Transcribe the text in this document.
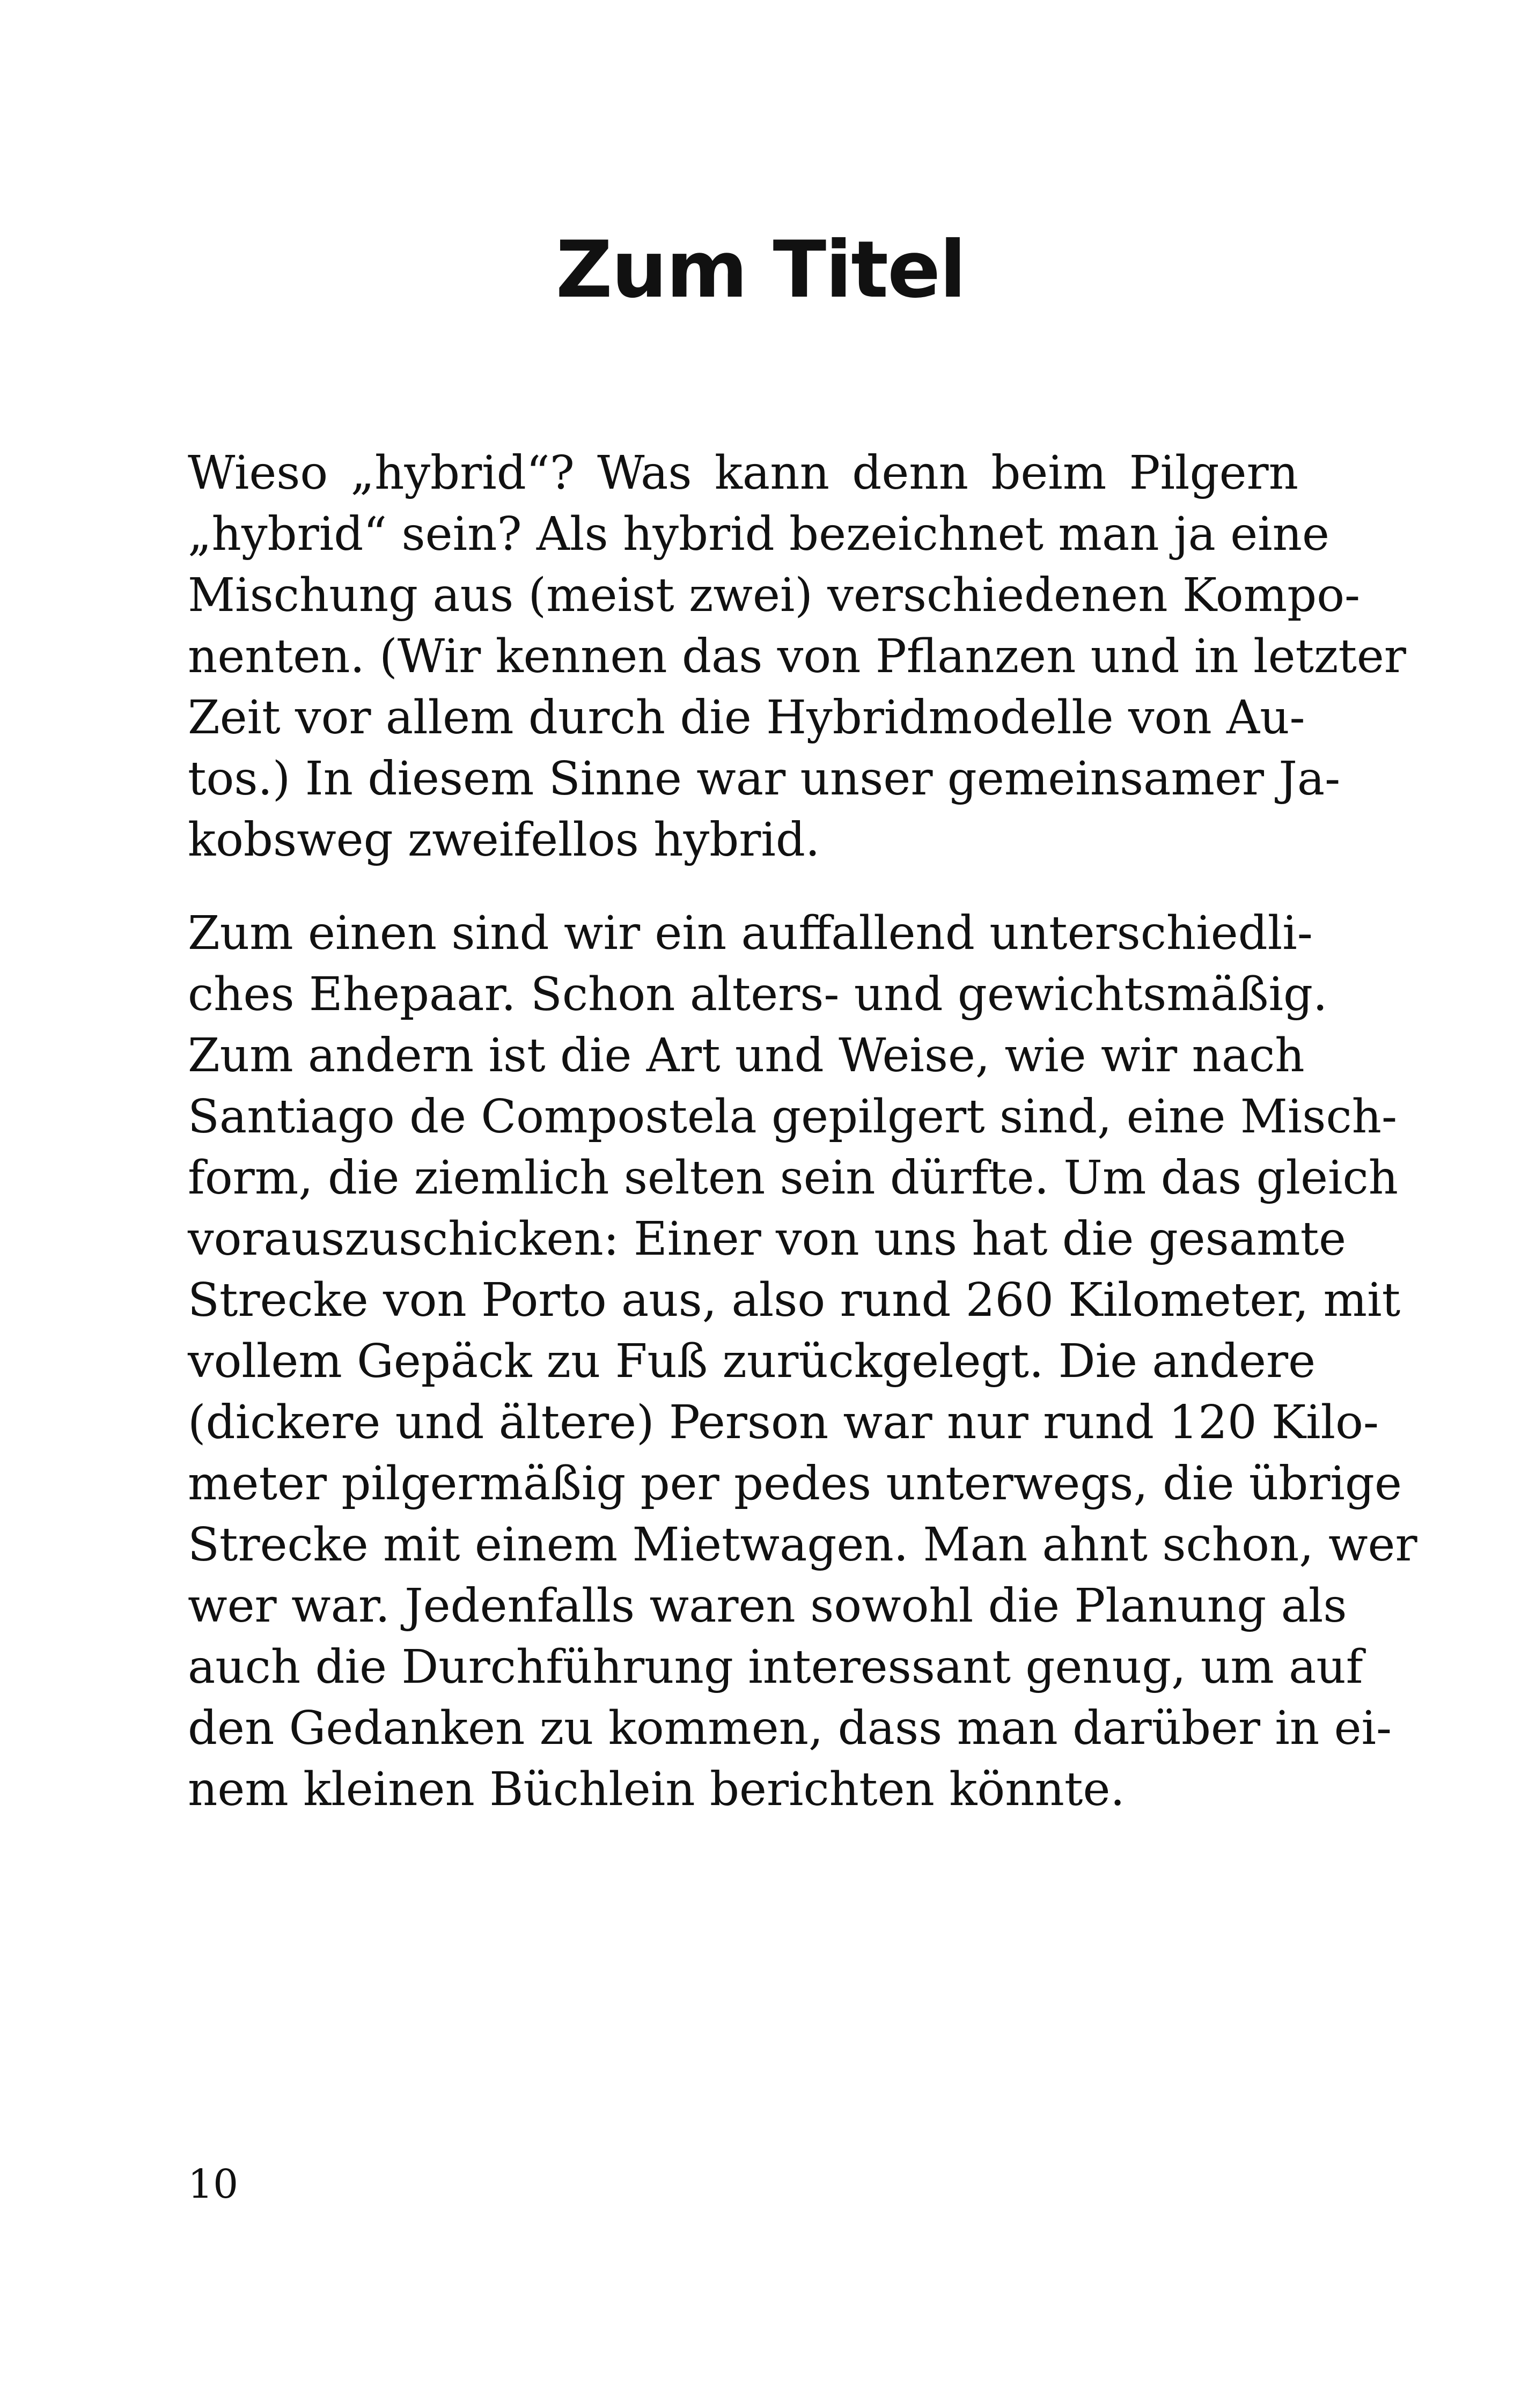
Zum Titel
Wieso „hybrid“? Was kann denn beim Pilgern
„hybrid“ sein? Als hybrid bezeichnet man ja eine
Mischung aus (meist zwei) verschiedenen Kompo-
nenten. (Wir kennen das von Pflanzen und in letzter
Zeit vor allem durch die Hybridmodelle von Au-
tos.) In diesem Sinne war unser gemeinsamer Ja-
kobsweg zweifellos hybrid.
Zum einen sind wir ein auffallend unterschiedli-
ches Ehepaar. Schon alters- und gewichtsmäßig.
Zum andern ist die Art und Weise, wie wir nach
Santiago de Compostela gepilgert sind, eine Misch-
form, die ziemlich selten sein dürfte. Um das gleich
vorauszuschicken: Einer von uns hat die gesamte
Strecke von Porto aus, also rund 260 Kilometer, mit
vollem Gepäck zu Fuß zurückgelegt. Die andere
(dickere und ältere) Person war nur rund 120 Kilo-
meter pilgermäßig per pedes unterwegs, die übrige
Strecke mit einem Mietwagen. Man ahnt schon, wer
wer war. Jedenfalls waren sowohl die Planung als
auch die Durchführung interessant genug, um auf
den Gedanken zu kommen, dass man darüber in ei-
nem kleinen Büchlein berichten könnte.
10
